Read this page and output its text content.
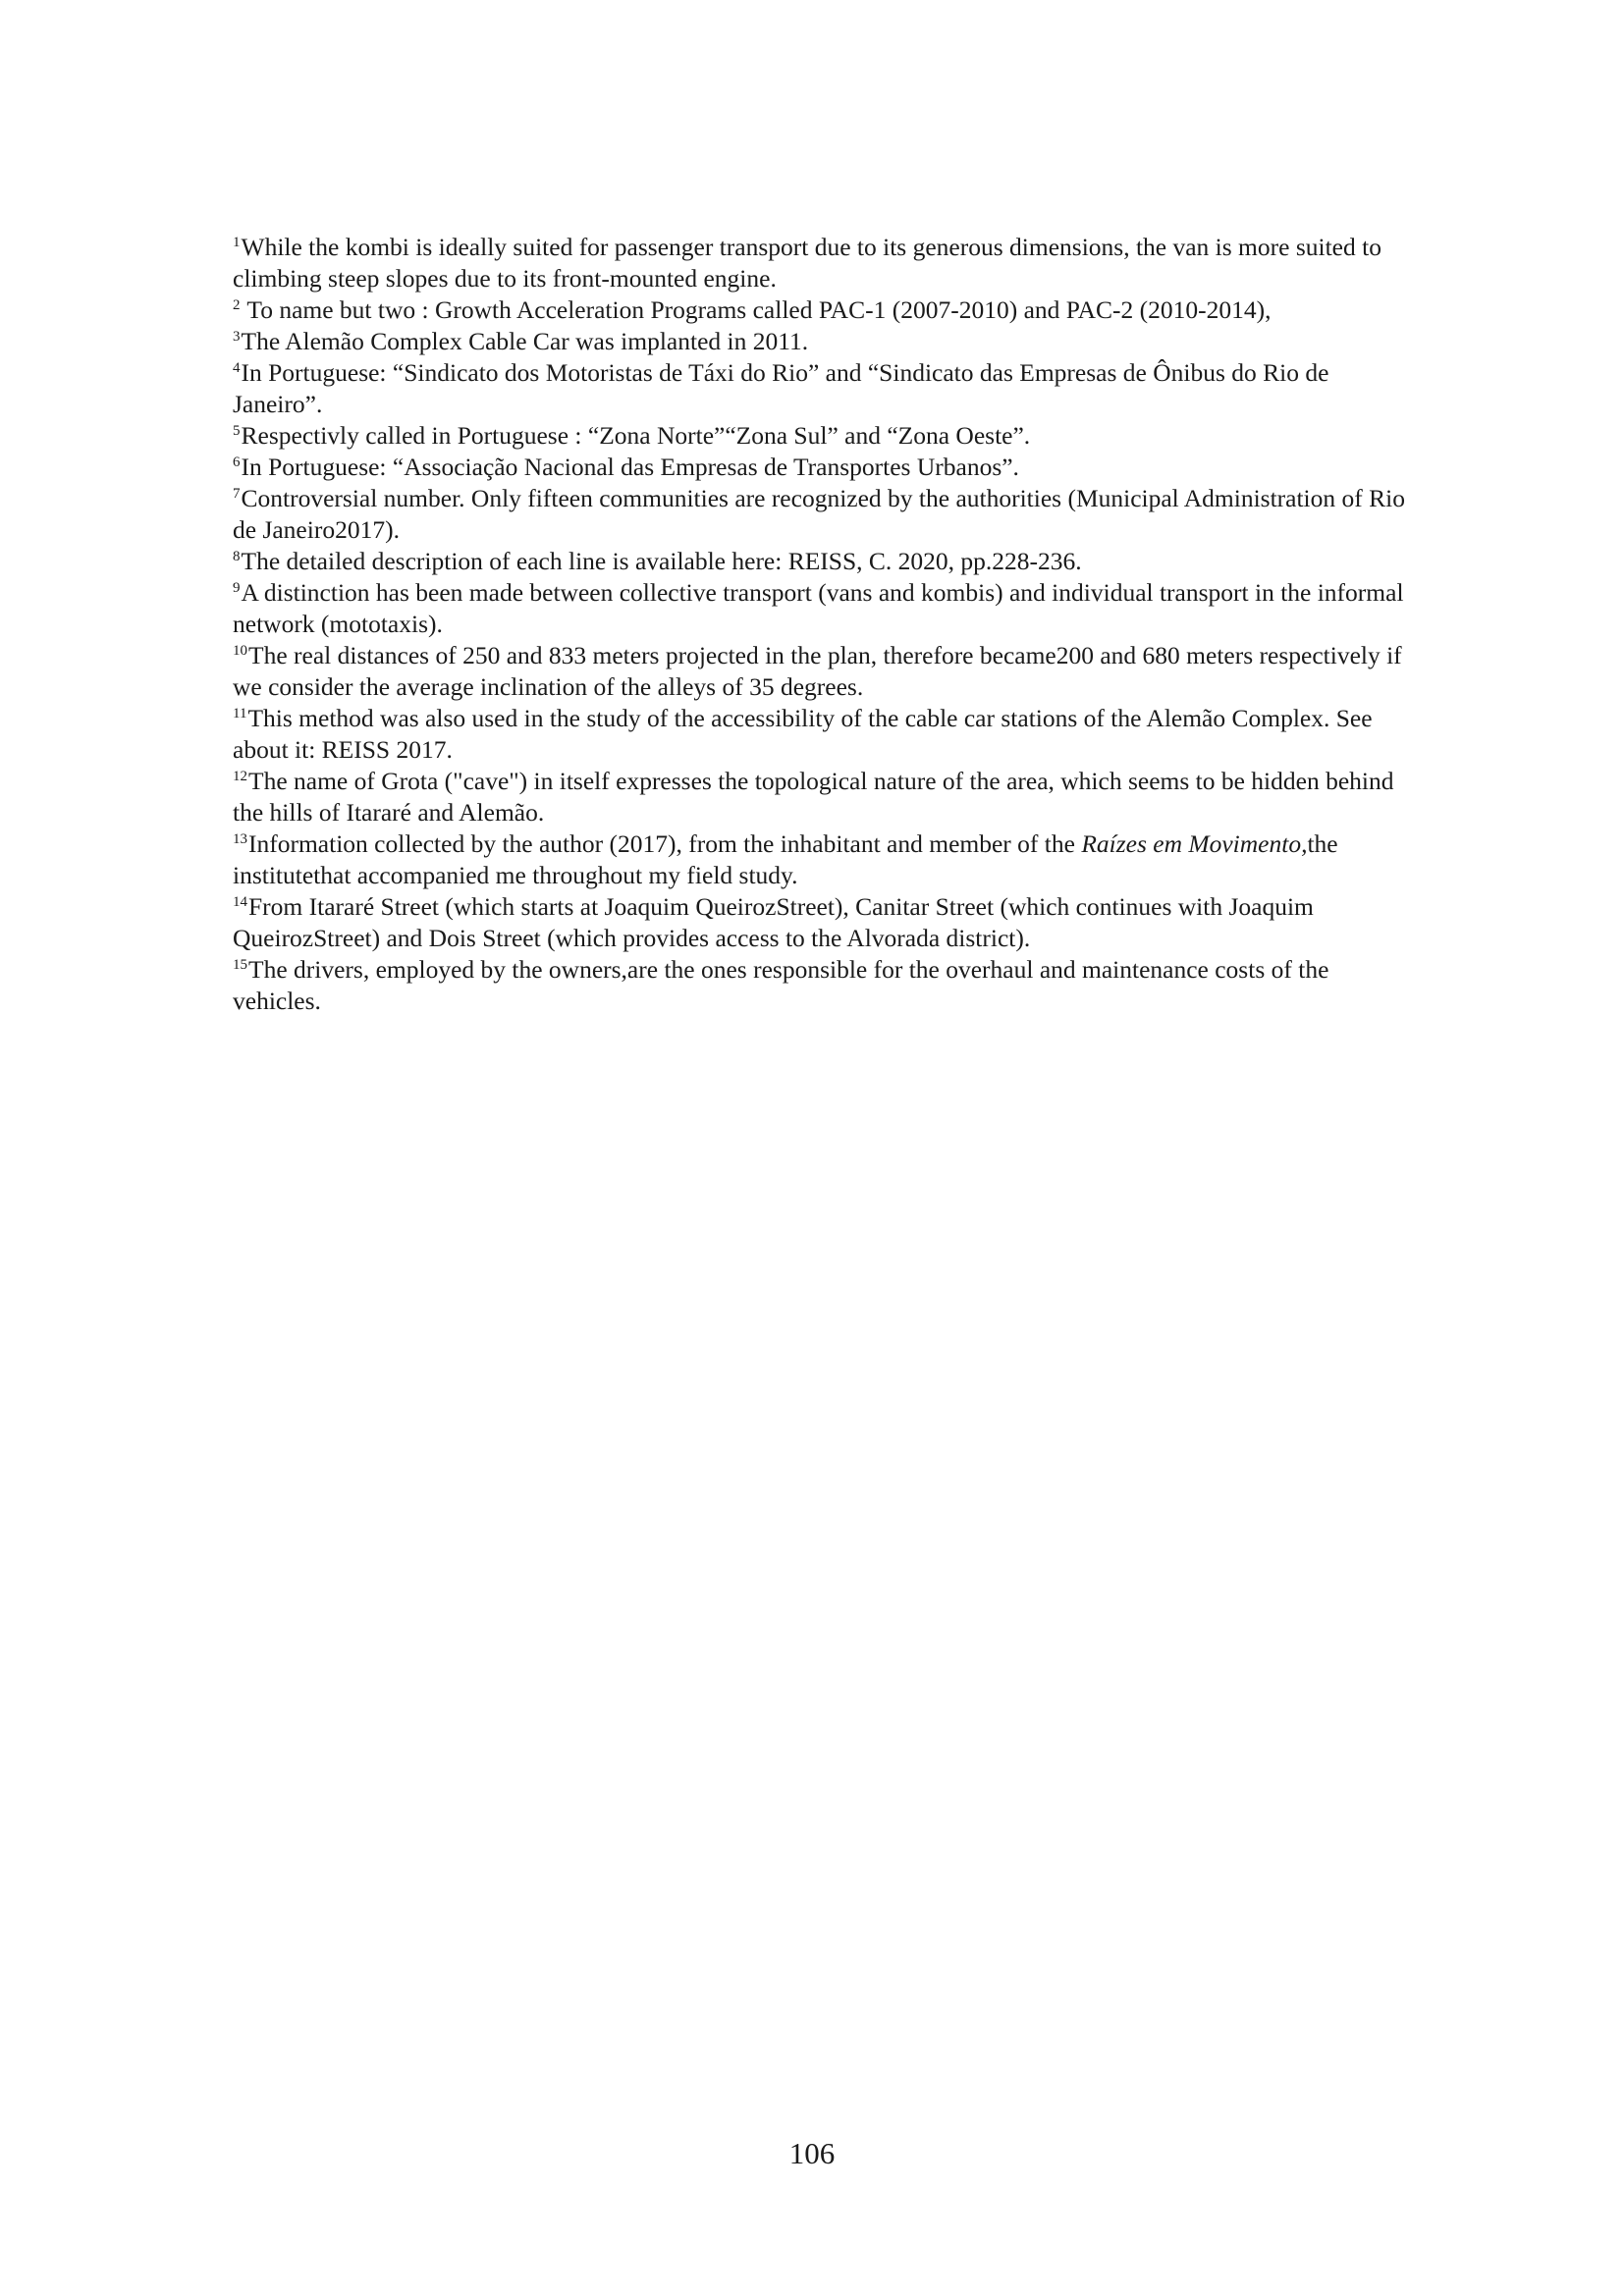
$^1$While the kombi is ideally suited for passenger transport due to its generous dimensions, the van is more suited to climbing steep slopes due to its front-mounted engine.

$^2$ To name but two : Growth Acceleration Programs called PAC-1 (2007-2010) and PAC-2 (2010-2014),

$^3$The Alemão Complex Cable Car was implanted in 2011.

$^4$In Portuguese: “Sindicato dos Motoristas de Táxi do Rio” and “Sindicato das Empresas de Ônibus do Rio de Janeiro”.

$^5$Respectivly called in Portuguese : “Zona Norte”“Zona Sul” and “Zona Oeste”.

$^6$In Portuguese: “Associação Nacional das Empresas de Transportes Urbanos”.

$^7$Controversial number. Only fifteen communities are recognized by the authorities (Municipal Administration of Rio de Janeiro2017).

$^8$The detailed description of each line is available here: REISS, C. 2020, pp.228-236.

$^9$A distinction has been made between collective transport (vans and kombis) and individual transport in the informal network (mototaxis).

$^{10}$The real distances of 250 and 833 meters projected in the plan, therefore became200 and 680 meters respectively if we consider the average inclination of the alleys of 35 degrees.

$^{11}$This method was also used in the study of the accessibility of the cable car stations of the Alemão Complex. See about it: REISS 2017.

$^{12}$The name of Grota ("cave") in itself expresses the topological nature of the area, which seems to be hidden behind the hills of Itararé and Alemão.

$^{13}$Information collected by the author (2017), from the inhabitant and member of the Raízes em Movimento,the institutethat accompanied me throughout my field study.

$^{14}$From Itararé Street (which starts at Joaquim QueirozStreet), Canitar Street (which continues with Joaquim QueirozStreet) and Dois Street (which provides access to the Alvorada district).

$^{15}$The drivers, employed by the owners,are the ones responsible for the overhaul and maintenance costs of the vehicles.

106
